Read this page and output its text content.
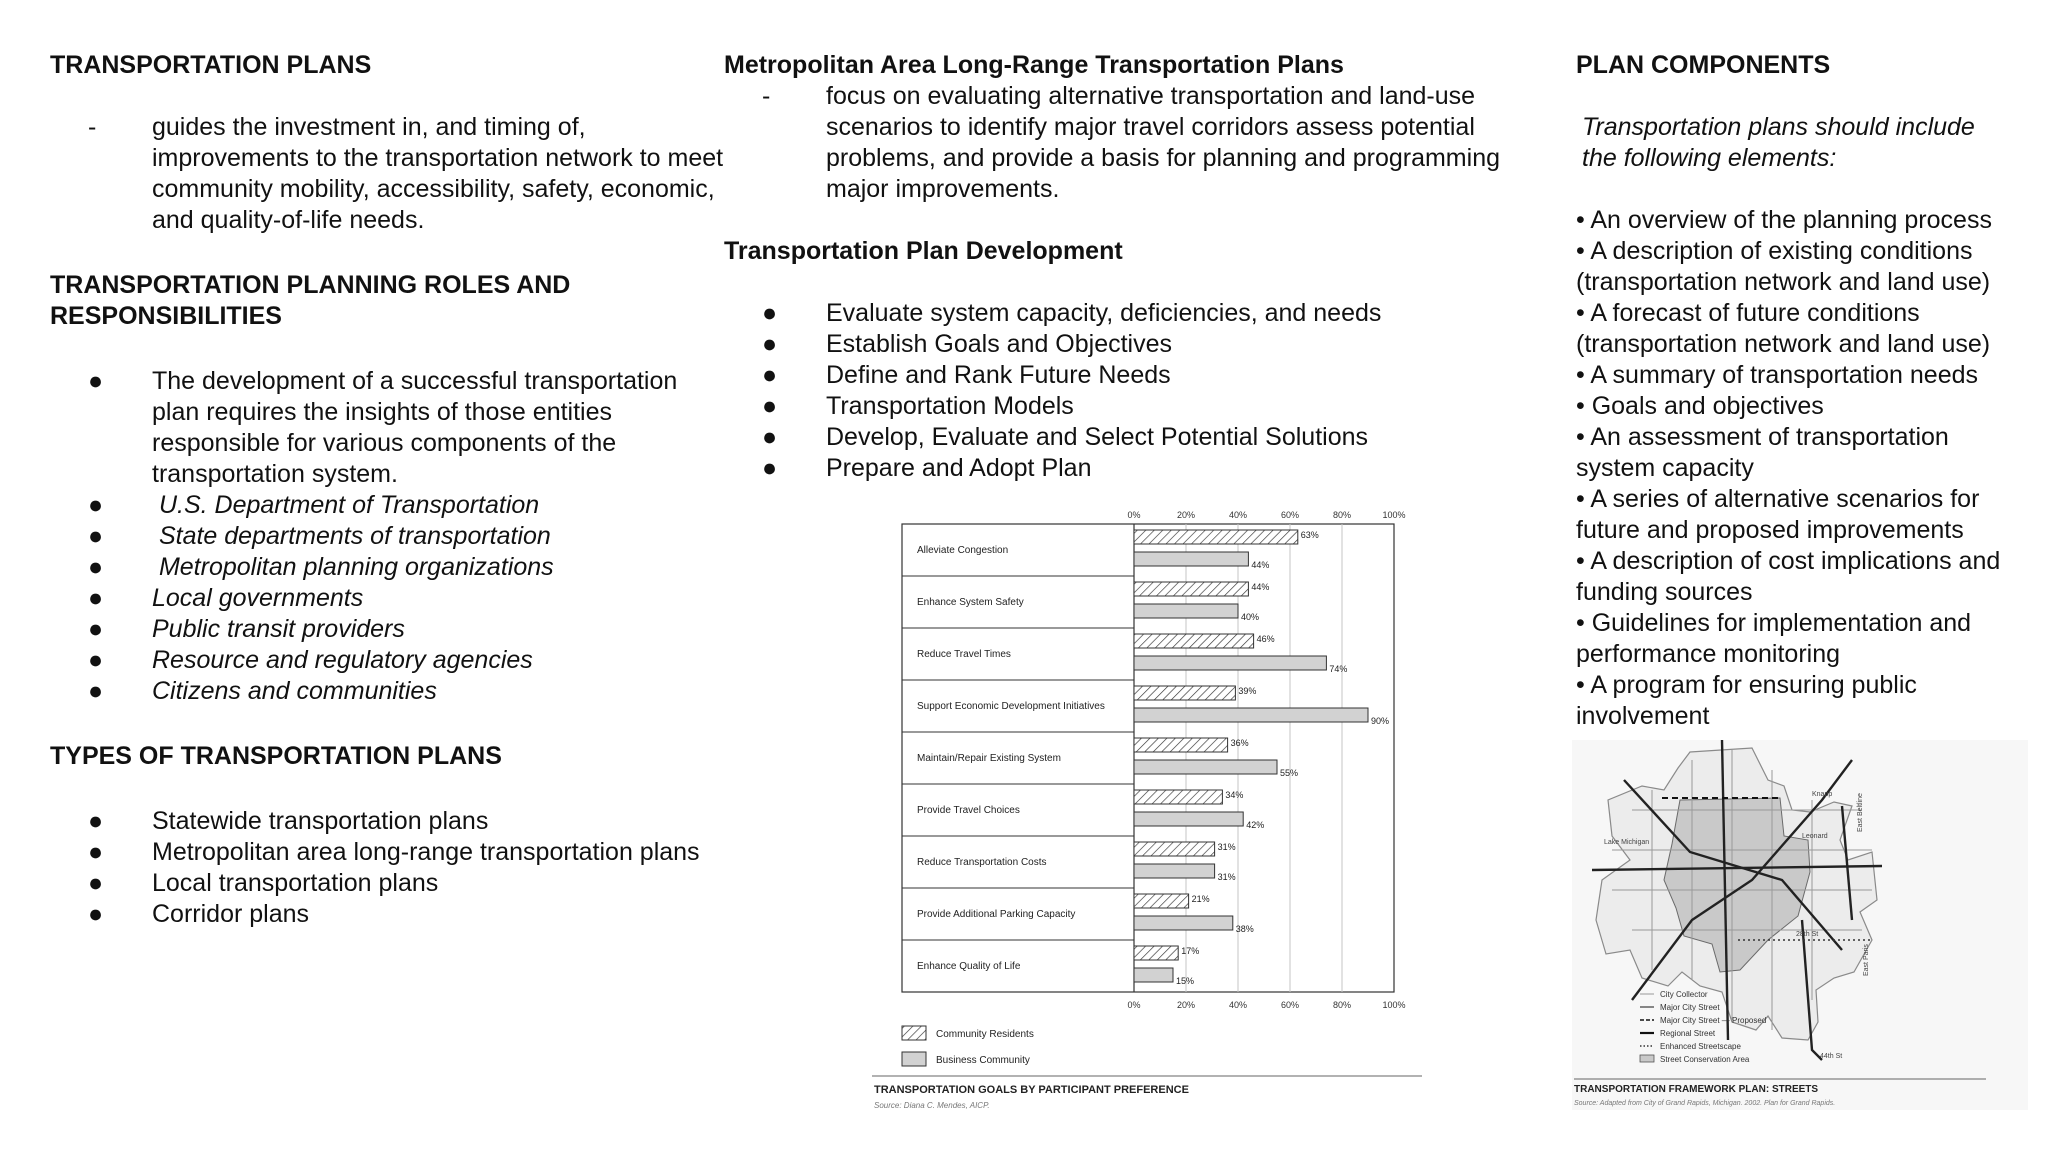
TRANSPORTATION PLANS

-	guides the investment in, and timing of, improvements to the transportation network to meet community mobility, accessibility, safety, economic, and quality-of-life needs.

TRANSPORTATION PLANNING ROLES AND
RESPONSIBILITIES

●	The development of a successful transportation plan requires the insights of those entities responsible for various components of the transportation system.
●	U.S. Department of Transportation
●	State departments of transportation
●	Metropolitan planning organizations
●	Local governments
●	Public transit providers
●	Resource and regulatory agencies
●	Citizens and communities

TYPES OF TRANSPORTATION PLANS

●	Statewide transportation plans
●	Metropolitan area long-range transportation plans
●	Local transportation plans
●	Corridor plans

Metropolitan Area Long-Range Transportation Plans

-	focus on evaluating alternative transportation and land-use scenarios to identify major travel corridors assess potential problems, and provide a basis for planning and programming major improvements.

Transportation Plan Development

●	Evaluate system capacity, deficiencies, and needs
●	Establish Goals and Objectives
●	Define and Rank Future Needs
●	Transportation Models
●	Develop, Evaluate and Select Potential Solutions
●	Prepare and Adopt Plan

PLAN COMPONENTS

Transportation plans should include the following elements:
• An overview of the planning process
• A description of existing conditions (transportation network and land use)
• A forecast of future conditions (transportation network and land use)
• A summary of transportation needs
• Goals and objectives
• An assessment of transportation system capacity
• A series of alternative scenarios for future and proposed improvements
• A description of cost implications and funding sources
• Guidelines for implementation and performance monitoring
• A program for ensuring public involvement
0%
0%
20%
20%
40%
40%
60%
60%
80%
80%
100%
100%
Alleviate Congestion
63%
44%
Enhance System Safety
44%
40%
Reduce Travel Times
46%
74%
Support Economic Development Initiatives
39%
90%
Maintain/Repair Existing System
36%
55%
Provide Travel Choices
34%
42%
Reduce Transportation Costs
31%
31%
Provide Additional Parking Capacity
21%
38%
Enhance Quality of Life
17%
15%
Community Residents
Business Community
TRANSPORTATION GOALS BY PARTICIPANT PREFERENCE
Source: Diana C. Mendes, AICP.
Knapp
Leonard
Lake Michigan
East Beltline
28th St
East Paris
44th St
City Collector
Major City Street
Major City Street — Proposed
Regional Street
Enhanced Streetscape
Street Conservation Area
TRANSPORTATION FRAMEWORK PLAN: STREETS
Source: Adapted from City of Grand Rapids, Michigan. 2002. Plan for Grand Rapids.
